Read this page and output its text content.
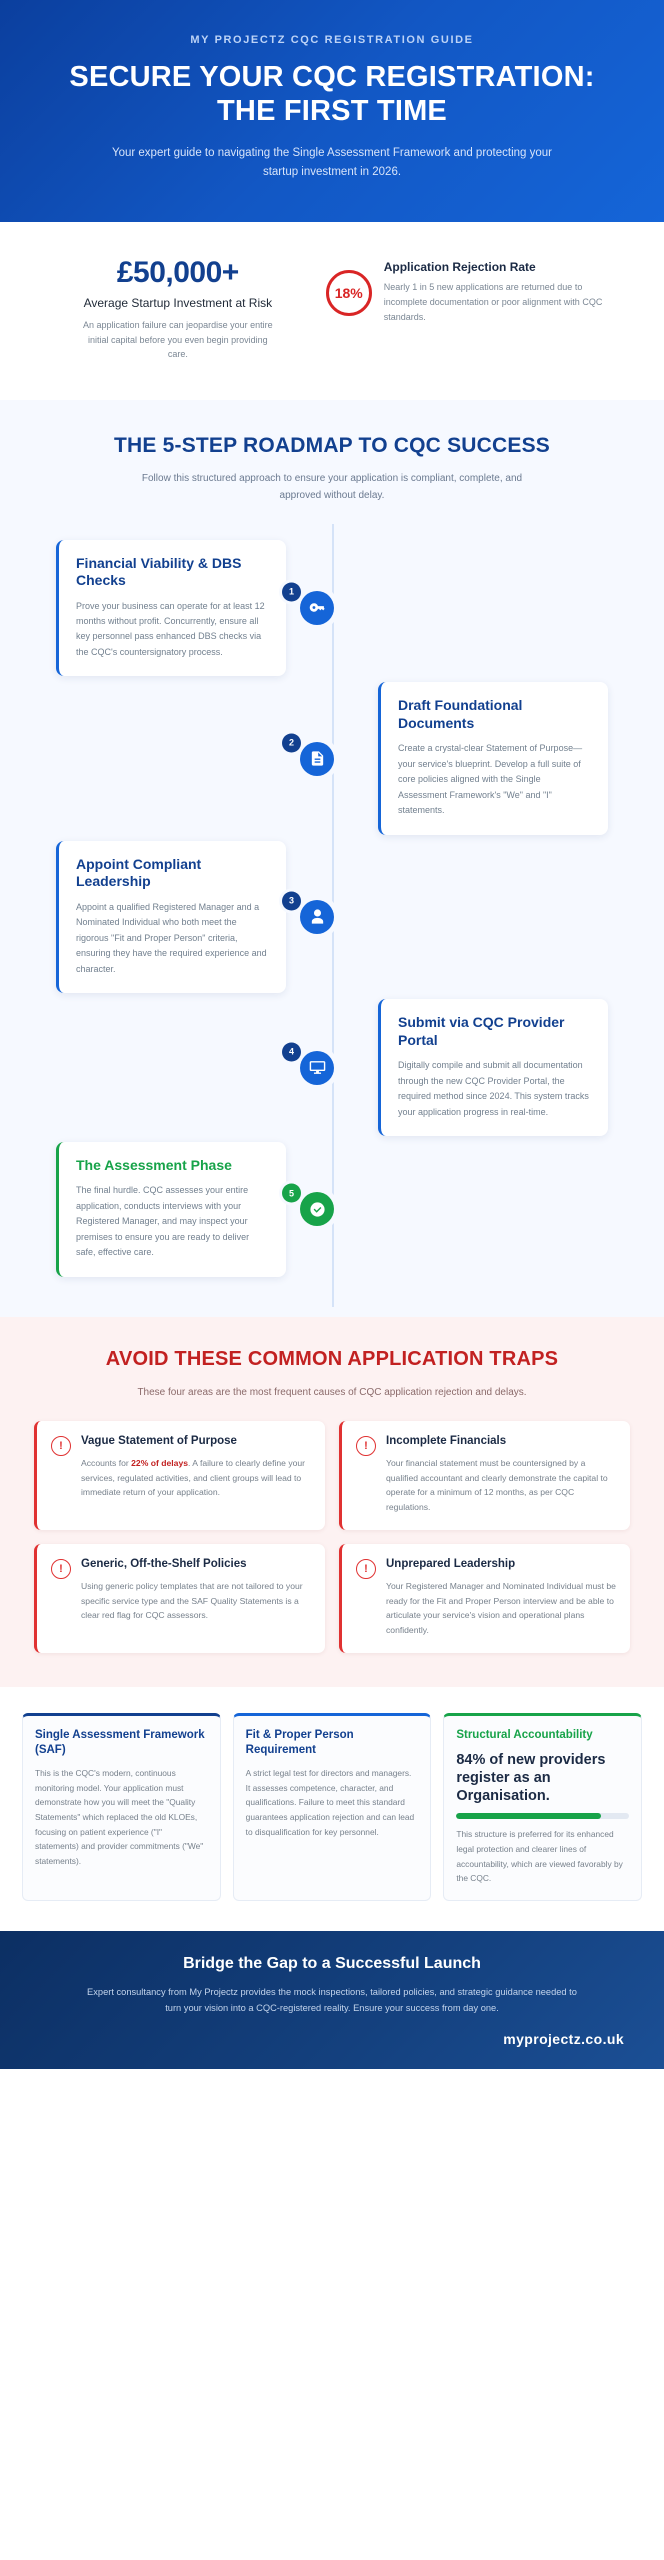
MY PROJECTZ CQC REGISTRATION GUIDE
SECURE YOUR CQC REGISTRATION: THE FIRST TIME
Your expert guide to navigating the Single Assessment Framework and protecting your startup investment in 2026.
£50,000+
Average Startup Investment at Risk
An application failure can jeopardise your entire initial capital before you even begin providing care.
18%
Application Rejection Rate
Nearly 1 in 5 new applications are returned due to incomplete documentation or poor alignment with CQC standards.
THE 5-STEP ROADMAP TO CQC SUCCESS
Follow this structured approach to ensure your application is compliant, complete, and approved without delay.
Financial Viability & DBS Checks
Prove your business can operate for at least 12 months without profit. Concurrently, ensure all key personnel pass enhanced DBS checks via the CQC's countersignatory process.
1
Draft Foundational Documents
Create a crystal-clear Statement of Purpose—your service's blueprint. Develop a full suite of core policies aligned with the Single Assessment Framework's "We" and "I" statements.
2
Appoint Compliant Leadership
Appoint a qualified Registered Manager and a Nominated Individual who both meet the rigorous "Fit and Proper Person" criteria, ensuring they have the required experience and character.
3
Submit via CQC Provider Portal
Digitally compile and submit all documentation through the new CQC Provider Portal, the required method since 2024. This system tracks your application progress in real-time.
4
The Assessment Phase
The final hurdle. CQC assesses your entire application, conducts interviews with your Registered Manager, and may inspect your premises to ensure you are ready to deliver safe, effective care.
5
AVOID THESE COMMON APPLICATION TRAPS
These four areas are the most frequent causes of CQC application rejection and delays.
!	Vague Statement of Purpose
Accounts for 22% of delays. A failure to clearly define your services, regulated activities, and client groups will lead to immediate return of your application.
!	Incomplete Financials
Your financial statement must be countersigned by a qualified accountant and clearly demonstrate the capital to operate for a minimum of 12 months, as per CQC regulations.
!	Generic, Off-the-Shelf Policies
Using generic policy templates that are not tailored to your specific service type and the SAF Quality Statements is a clear red flag for CQC assessors.
!	Unprepared Leadership
Your Registered Manager and Nominated Individual must be ready for the Fit and Proper Person interview and be able to articulate your service's vision and operational plans confidently.
Single Assessment Framework (SAF)
This is the CQC's modern, continuous monitoring model. Your application must demonstrate how you will meet the "Quality Statements" which replaced the old KLOEs, focusing on patient experience ("I" statements) and provider commitments ("We" statements).
Fit & Proper Person Requirement
A strict legal test for directors and managers. It assesses competence, character, and qualifications. Failure to meet this standard guarantees application rejection and can lead to disqualification for key personnel.
Structural Accountability
84% of new providers register as an Organisation.
This structure is preferred for its enhanced legal protection and clearer lines of accountability, which are viewed favorably by the CQC.
Bridge the Gap to a Successful Launch
Expert consultancy from My Projectz provides the mock inspections, tailored policies, and strategic guidance needed to turn your vision into a CQC-registered reality. Ensure your success from day one.
myprojectz.co.uk
